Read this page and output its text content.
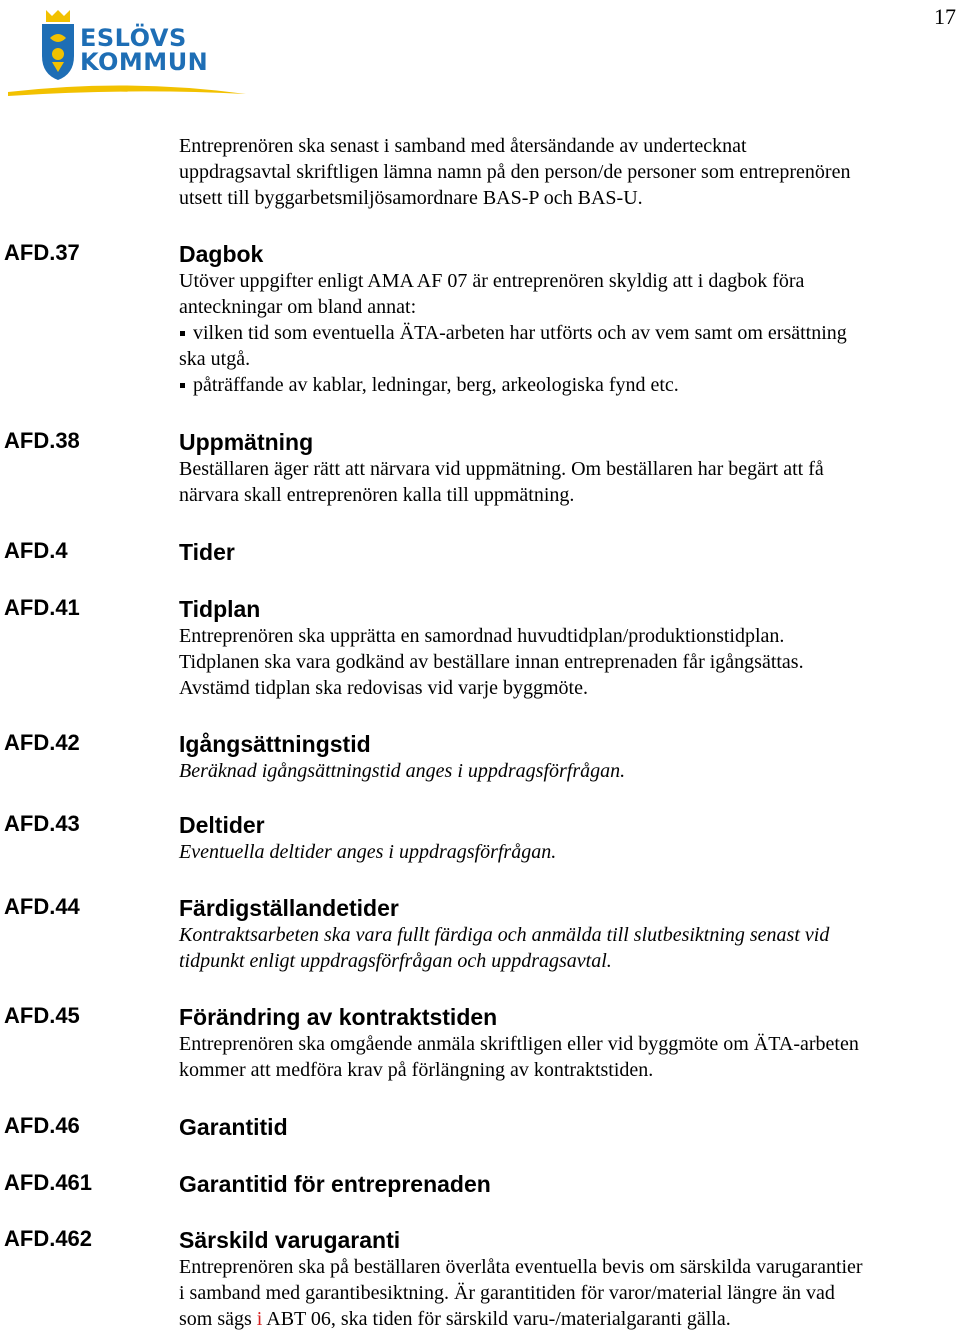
17
ESLÖVS
KOMMUN

Entreprenören ska senast i samband med återsändande av undertecknat

uppdragsavtal skriftligen lämna namn på den person/de personer som entreprenören

utsett till byggarbetsmiljösamordnare BAS-P och BAS-U.

AFD.37	Dagbok

Utöver uppgifter enligt AMA AF 07 är entreprenören skyldig att i dagbok föra

anteckningar om bland annat:

vilken tid som eventuella ÄTA-arbeten har utförts och av vem samt om ersättning

ska utgå.

påträffande av kablar, ledningar, berg, arkeologiska fynd etc.

AFD.38	Uppmätning

Beställaren äger rätt att närvara vid uppmätning. Om beställaren har begärt att få

närvara skall entreprenören kalla till uppmätning.

AFD.4	Tider

AFD.41	Tidplan

Entreprenören ska upprätta en samordnad huvudtidplan/produktionstidplan.

Tidplanen ska vara godkänd av beställare innan entreprenaden får igångsättas.

Avstämd tidplan ska redovisas vid varje byggmöte.

AFD.42	Igångsättningstid

Beräknad igångsättningstid anges i uppdragsförfrågan.

AFD.43	Deltider

Eventuella deltider anges i uppdragsförfrågan.

AFD.44	Färdigställandetider

Kontraktsarbeten ska vara fullt färdiga och anmälda till slutbesiktning senast vid

tidpunkt enligt uppdragsförfrågan och uppdragsavtal.

AFD.45	Förändring av kontraktstiden

Entreprenören ska omgående anmäla skriftligen eller vid byggmöte om ÄTA-arbeten

kommer att medföra krav på förlängning av kontraktstiden.

AFD.46	Garantitid

AFD.461	Garantitid för entreprenaden

AFD.462	Särskild varugaranti

Entreprenören ska på beställaren överlåta eventuella bevis om särskilda varugarantier

i samband med garantibesiktning. Är garantitiden för varor/material längre än vad

som sägs i ABT 06, ska tiden för särskild varu-/materialgaranti gälla.
